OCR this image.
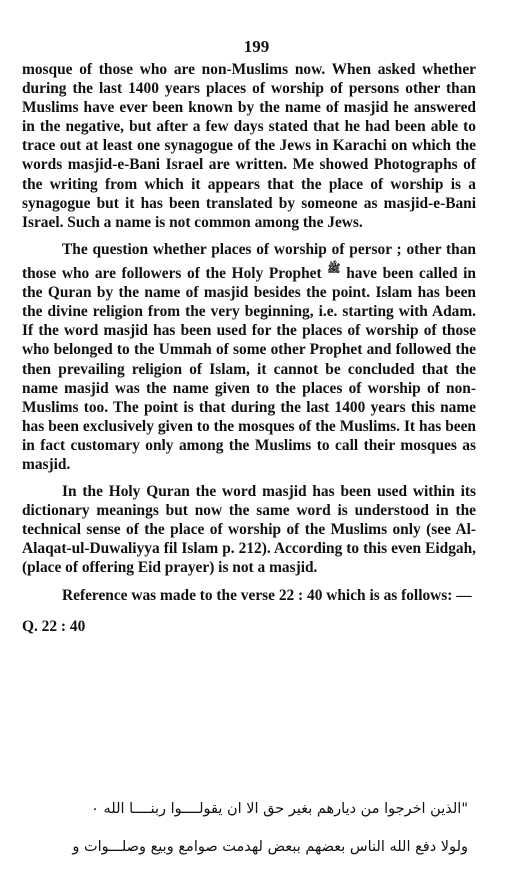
199

mosque of those who are non-Muslims now. When asked whether during the last 1400 years places of worship of persons other than Muslims have ever been known by the name of masjid he answered in the negative, but after a few days stated that he had been able to trace out at least one synagogue of the Jews in Karachi on which the words masjid-e-Bani Israel are written. Me showed Photographs of the writing from which it appears that the place of worship is a synagogue but it has been translated by someone as masjid-e-Bani Israel. Such a name is not common among the Jews.

The question whether places of worship of persor ; other than those who are followers of the Holy Prophet $^ﷺ$ have been called in the Quran by the name of masjid besides the point. Islam has been the divine religion from the very beginning, i.e. starting with Adam. If the word masjid has been used for the places of worship of those who belonged to the Ummah of some other Prophet and followed the then prevailing religion of Islam, it cannot be concluded that the name masjid was the name given to the places of worship of non-Muslims too. The point is that during the last 1400 years this name has been exclusively given to the mosques of the Muslims. It has been in fact customary only among the Muslims to call their mosques as masjid.

In the Holy Quran the word masjid has been used within its dictionary meanings but now the same word is understood in the technical sense of the place of worship of the Muslims only (see Al-Alaqat-ul-Duwaliyya fil Islam p. 212). According to this even Eidgah, (place of offering Eid prayer) is not a masjid.

Reference was made to the verse 22 : 40 which is as follows: —

Q. 22 : 40

"الذين اخرجوا من ديارهم بغير حق الا ان يقولــــوا ربنــــا الله ٠
ولولا دفع الله الناس بعضهم ببعض لهدمت صوامع وبيع وصلـــوات و
